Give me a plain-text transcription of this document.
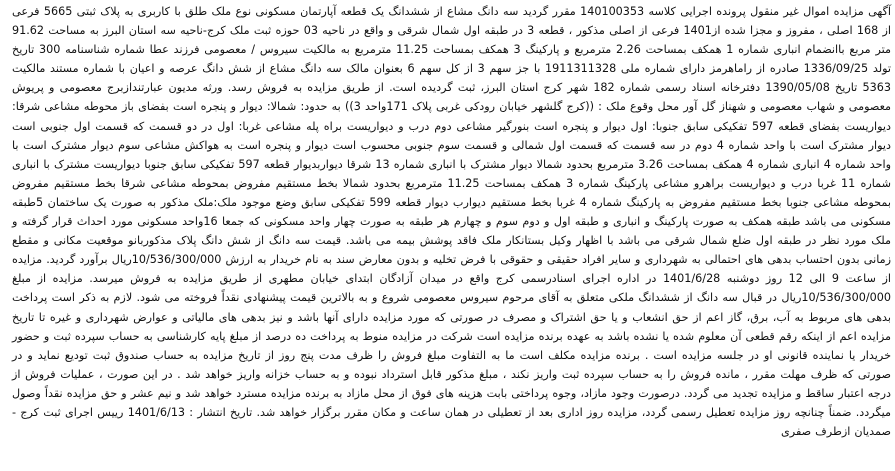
آگهی مزایده اموال غیر منقول پرونده اجرایی کلاسه 140100353 مقرر گردید سه دانگ مشاع از ششدانگ یک قطعه آپارتمان مسکونی نوع ملک طلق با کاربری به پلاک ثبتی 5665 فرعی از 168 اصلی ، مفروز و مجزا شده از1401 فرعی از اصلی مذکور ، قطعه 3 در طبقه اول شمال شرقی و واقع در ناحیه 03 حوزه ثبت ملک کرج-ناحیه سه استان البرز به مساحت 91.62 متر مربع باانضمام انباری شماره 1 همکف بمساحت 2.26 مترمربع و پارکینگ 3 همکف بمساحت 11.25 مترمربع به مالکیت سیروس / معصومی فرزند عطا شماره شناسنامه 300 تاریخ تولد 1336/09/25 صادره از راماهرمز دارای شماره ملی 1911311328 با جز سهم 3 از کل سهم 6 بعنوان مالک سه دانگ مشاع از شش دانگ عرصه و اعیان با شماره مستند مالکیت 5363 تاریخ 1390/05/08 دفترخانه اسناد رسمی شماره 182 شهر کرج استان البرز، ثبت گردیده است. از طریق مزایده به فروش رسد. ورثه مدیون عبارتندازبرج معصومی و پریوش معصومی و شهاب معصومی و شهناز گل آور محل وقوع ملک : ((کرج گلشهر خیابان رودکی غربی پلاک 171واحد 3)) به حدود: شمالا: دیوار و پنجره است بفضای باز محوطه مشاعی شرقا: دیواریست بفضای قطعه 597 تفکیکی سابق جنوبا: اول دیوار و پنجره است بنورگیر مشاعی دوم درب و دیواریست براه پله مشاعی غربا: اول در دو قسمت که قسمت اول جنوبی است دیوار مشترک است با واحد شماره 4 دوم در سه قسمت که قسمت اول شمالی و قسمت سوم جنوبی محسوب است دیوار و پنجره است به هواکش مشاعی سوم دیوار مشترک است با واحد شماره 4 انباری شماره 4 همکف بمساحت 3.26 مترمربع بحدود شمالا دیوار مشترک با انباری شماره 13 شرقا دیواربدیوار قطعه 597 تفکیکی سابق جنوبا دیواریست مشترک با انباری شماره 11 غربا درب و دیواریست براهرو مشاعی پارکینگ شماره 3 همکف بمساحت 11.25 مترمربع بحدود شمالا بخط مستقیم مفروض بمحوطه مشاعی شرقا بخط مستقیم مفروض بمحوطه مشاعی جنوبا بخط مستقیم مفروض به پارکینگ شماره 4 غربا بخط مستقیم دیوارب دیوار قطعه 599 تفکیکی سابق وضع موجود ملک:ملک مذکور به صورت یک ساختمان 5طبقه مسکونی می باشد طبقه همکف به صورت پارکینگ و انباری و طبقه اول و دوم سوم و چهارم هر طبقه به صورت چهار واحد مسکونی که جمعا 16واحد مسکونی مورد احداث قرار گرفته و ملک مورد نظر در طبقه اول ضلع شمال شرقی می باشد با اظهار وکیل بستانکار ملک فاقد پوشش بیمه می باشد. قیمت سه دانگ از شش دانگ پلاک مذکوربانو موقعیت مکانی و مقطع زمانی بدون احتساب بدهی های احتمالی به شهرداری و سایر افراد حقیقی و حقوقی با فرض تخلیه و بدون معارض سند به نام خریدار به ارزش 10/536/300/000ریال برآورد گردید. مزایده از ساعت 9 الی 12 روز دوشنبه 1401/6/28 در اداره اجرای اسنادرسمی کرج واقع در میدان آزادگان ابتدای خیابان مطهری از طریق مزایده به فروش میرسد. مزایده از مبلغ 10/536/300/000ریال در قبال سه دانگ از ششدانگ ملکی متعلق به آقای مرحوم سیروس معصومی شروع و به بالاترین قیمت پیشنهادی نقداً فروخته می شود. لازم به ذکر است پرداخت بدهی های مربوط به آب، برق، گاز اعم از حق انشعاب و یا حق اشتراک و مصرف در صورتی که مورد مزایده دارای آنها باشد و نیز بدهی های مالیاتی و عوارض شهرداری و غیره تا تاریخ مزایده اعم از اینکه رقم قطعی آن معلوم شده یا نشده باشد به عهده برنده مزایده است شرکت در مزایده منوط به پرداخت ده درصد از مبلغ پایه کارشناسی به حساب سپرده ثبت و حضور خریدار یا نماینده قانونی او در جلسه مزایده است . برنده مزایده مکلف است ما به التفاوت مبلغ فروش را ظرف مدت پنج روز از تاریخ مزایده به حساب صندوق ثبت تودیع نماید و در صورتی که ظرف مهلت مقرر ، مانده فروش را به حساب سپرده ثبت واریز نکند ، مبلغ مذکور قابل استرداد نبوده و به حساب خزانه واریز خواهد شد . در این صورت ، عملیات فروش از درجه اعتبار ساقط و مزایده تجدید می گردد. درصورت وجود مازاد، وجوه پرداختی بابت هزینه های فوق از محل مازاد به برنده مزایده مسترد خواهد شد و نیم عشر و حق مزایده نقداً وصول میگردد. ضمناً چنانچه روز مزایده تعطیل رسمی گردد، مزایده روز اداری بعد از تعطیلی در همان ساعت و مکان مقرر برگزار خواهد شد. تاریخ انتشار : 1401/6/13 رییس اجرای ثبت کرج - صمدیان ازطرف صفری
